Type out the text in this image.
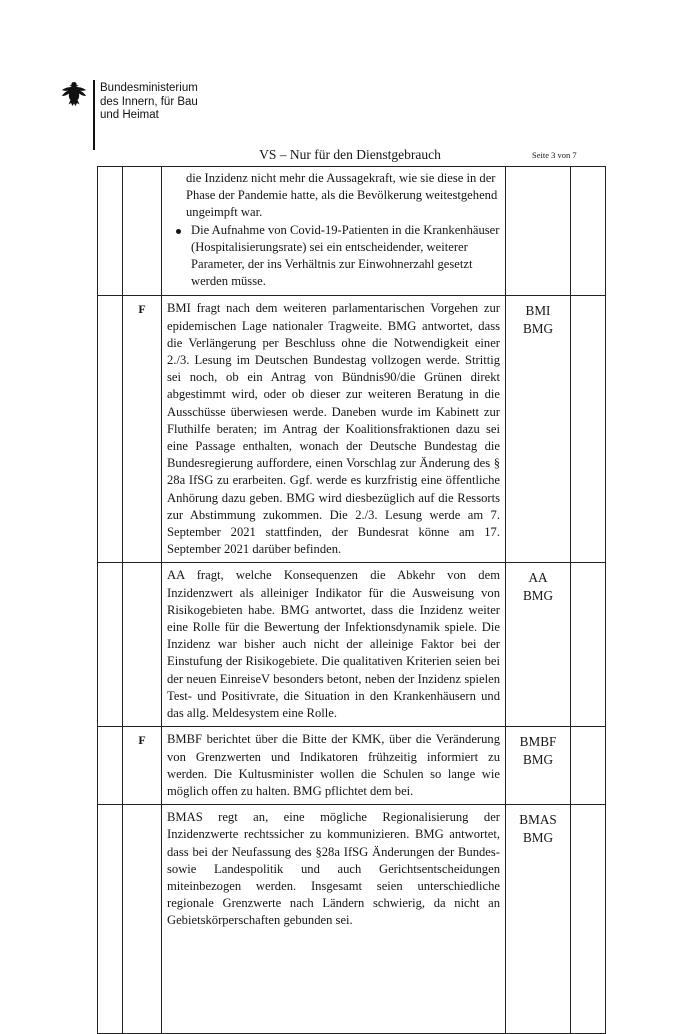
Bundesministerium
des Innern, für Bau
und Heimat
VS – Nur für den Dienstgebrauch	Seite 3 von 7

		die Inzidenz nicht mehr die Aussagekraft, wie sie diese in der Phase der Pandemie hatte, als die Bevölkerung weitestgehend ungeimpft war.
Die Aufnahme von Covid-19-Patienten in die Krankenhäuser (Hospitalisierungsrate) sei ein entscheidender, weiterer Parameter, der ins Verhältnis zur Einwohnerzahl gesetzt werden müsse.		

	F	BMI fragt nach dem weiteren parlamentarischen Vorgehen zur epidemischen Lage nationaler Tragweite. BMG antwortet, dass die Verlängerung per Beschluss ohne die Notwendigkeit einer 2./3. Lesung im Deutschen Bundestag vollzogen werde. Strittig sei noch, ob ein Antrag von Bündnis90/die Grünen direkt abgestimmt wird, oder ob dieser zur weiteren Beratung in die Ausschüsse überwiesen werde. Daneben wurde im Kabinett zur Fluthilfe beraten; im Antrag der Koalitionsfraktionen dazu sei eine Passage enthalten, wonach der Deutsche Bundestag die Bundesregierung auffordere, einen Vorschlag zur Änderung des § 28a IfSG zu erarbeiten. Ggf. werde es kurzfristig eine öffentliche Anhörung dazu geben. BMG wird diesbezüglich auf die Ressorts zur Abstimmung zukommen. Die 2./3. Lesung werde am 7. September 2021 stattfinden, der Bundesrat könne am 17. September 2021 darüber befinden.	BMI
BMG	

		AA fragt, welche Konsequenzen die Abkehr von dem Inzidenzwert als alleiniger Indikator für die Ausweisung von Risikogebieten habe. BMG antwortet, dass die Inzidenz weiter eine Rolle für die Bewertung der Infektionsdynamik spiele. Die Inzidenz war bisher auch nicht der alleinige Faktor bei der Einstufung der Risikogebiete. Die qualitativen Kriterien seien bei der neuen EinreiseV besonders betont, neben der Inzidenz spielen Test- und Positivrate, die Situation in den Krankenhäusern und das allg. Meldesystem eine Rolle.	AA
BMG	

	F	BMBF berichtet über die Bitte der KMK, über die Veränderung von Grenzwerten und Indikatoren frühzeitig informiert zu werden. Die Kultusminister wollen die Schulen so lange wie möglich offen zu halten. BMG pflichtet dem bei.	BMBF
BMG	

		BMAS regt an, eine mögliche Regionalisierung der Inzidenzwerte rechtssicher zu kommunizieren. BMG antwortet, dass bei der Neufassung des §28a IfSG Änderungen der Bundes- sowie Landespolitik und auch Gerichtsentscheidungen miteinbezogen werden. Insgesamt seien unterschiedliche regionale Grenzwerte nach Ländern schwierig, da nicht an Gebietskörperschaften gebunden sei.	BMAS
BMG	
